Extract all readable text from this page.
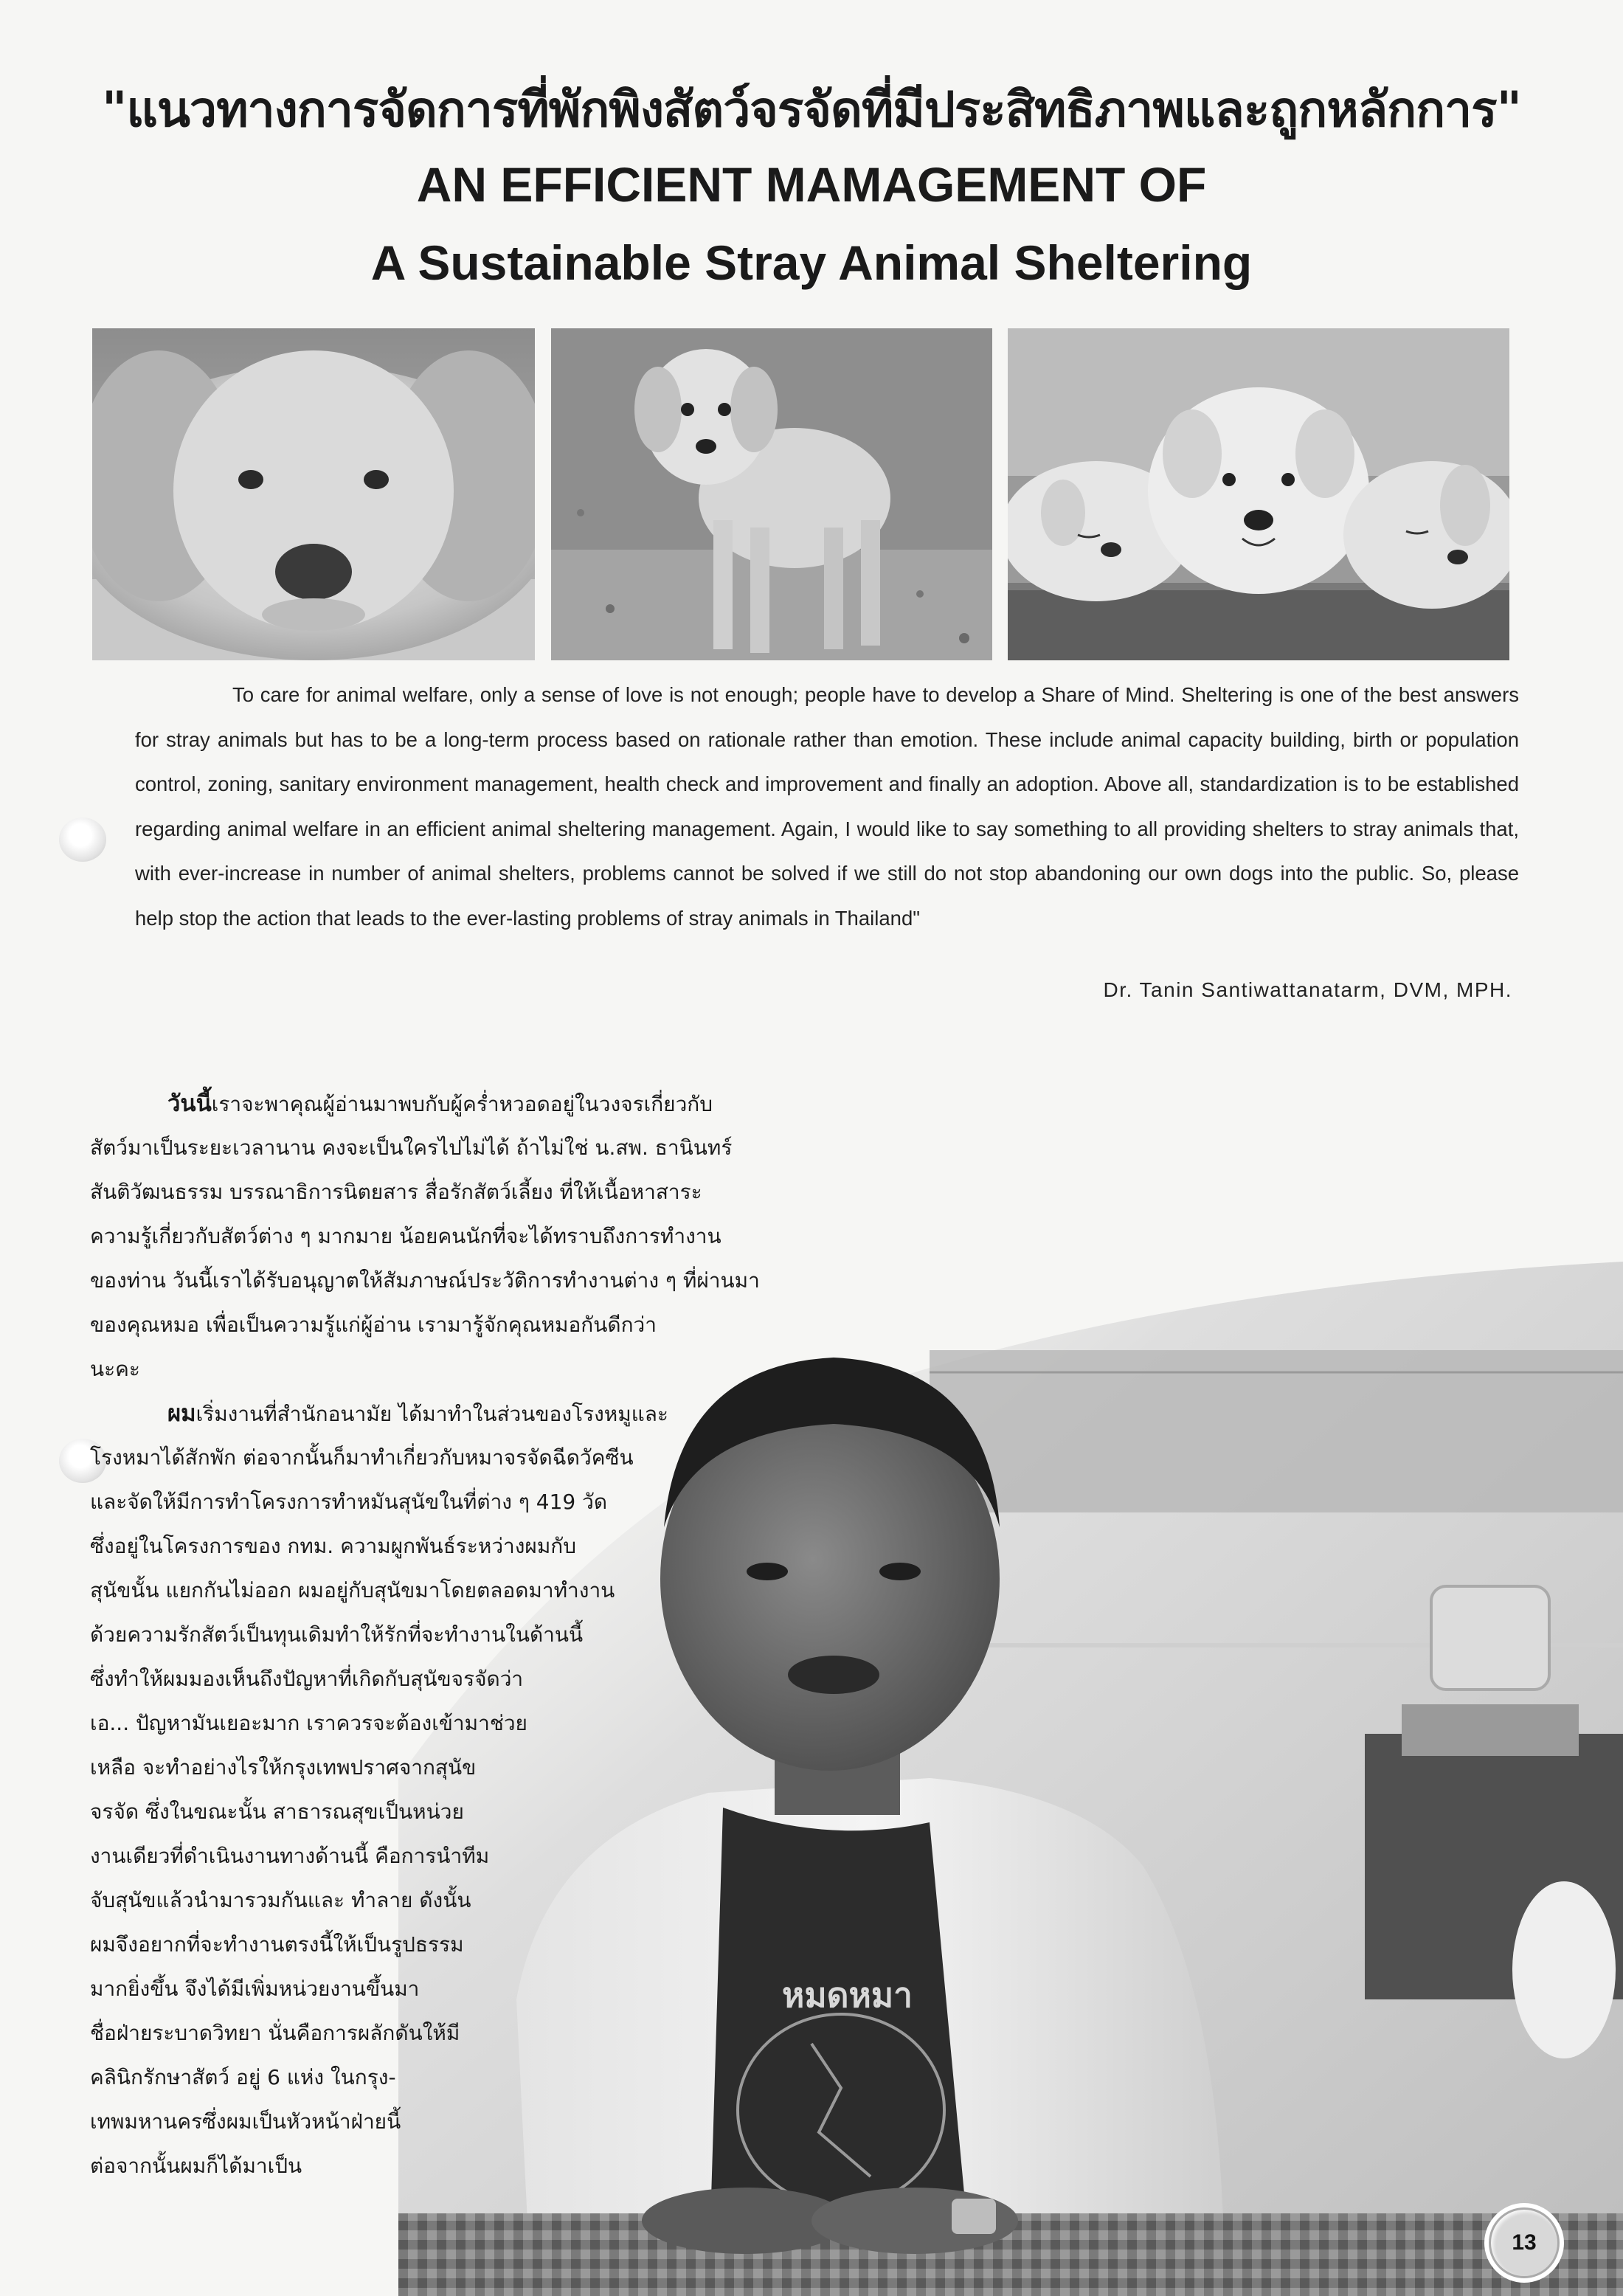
"แนวทางการจัดการที่พักพิงสัตว์จรจัดที่มีประสิทธิภาพและถูกหลักการ"
AN EFFICIENT MAMAGEMENT OF
A Sustainable Stray Animal Sheltering
To care for animal welfare, only a sense of love is not enough; people have to develop a Share of Mind. Sheltering is one of the best answers for stray animals but has to be a long-term process based on rationale rather than emotion. These include animal capacity building, birth or population control, zoning, sanitary environment management, health check and improvement and finally an adoption. Above all, standardization is to be established regarding animal welfare in an efficient animal sheltering management. Again, I would like to say something to all providing shelters to stray animals that, with ever-increase in number of animal shelters, problems cannot be solved if we still do not stop abandoning our own dogs into the public. So, please help stop the action that leads to the ever-lasting problems of stray animals in Thailand"
Dr. Tanin Santiwattanatarm, DVM, MPH.
หมดหมา
วันนี้เราจะพาคุณผู้อ่านมาพบกับผู้คร่ำหวอดอยู่ในวงจรเกี่ยวกับ
สัตว์มาเป็นระยะเวลานาน คงจะเป็นใครไปไม่ได้ ถ้าไม่ใช่ น.สพ. ธานินทร์
สันติวัฒนธรรม บรรณาธิการนิตยสาร สื่อรักสัตว์เลี้ยง ที่ให้เนื้อหาสาระ
ความรู้เกี่ยวกับสัตว์ต่าง ๆ มากมาย น้อยคนนักที่จะได้ทราบถึงการทำงาน
ของท่าน วันนี้เราได้รับอนุญาตให้สัมภาษณ์ประวัติการทำงานต่าง ๆ ที่ผ่านมา
ของคุณหมอ เพื่อเป็นความรู้แก่ผู้อ่าน เรามารู้จักคุณหมอกันดีกว่า
นะคะ
ผมเริ่มงานที่สำนักอนามัย ได้มาทำในส่วนของโรงหมูและ
โรงหมาได้สักพัก ต่อจากนั้นก็มาทำเกี่ยวกับหมาจรจัดฉีดวัคซีน
และจัดให้มีการทำโครงการทำหมันสุนัขในที่ต่าง ๆ 419 วัด
ซึ่งอยู่ในโครงการของ กทม. ความผูกพันธ์ระหว่างผมกับ
สุนัขนั้น แยกกันไม่ออก ผมอยู่กับสุนัขมาโดยตลอดมาทำงาน
ด้วยความรักสัตว์เป็นทุนเดิมทำให้รักที่จะทำงานในด้านนี้
ซึ่งทำให้ผมมองเห็นถึงปัญหาที่เกิดกับสุนัขจรจัดว่า
เอ... ปัญหามันเยอะมาก เราควรจะต้องเข้ามาช่วย
เหลือ จะทำอย่างไรให้กรุงเทพปราศจากสุนัข
จรจัด ซึ่งในขณะนั้น สาธารณสุขเป็นหน่วย
งานเดียวที่ดำเนินงานทางด้านนี้ คือการนำทีม
จับสุนัขแล้วนำมารวมกันและ ทำลาย ดังนั้น
ผมจึงอยากที่จะทำงานตรงนี้ให้เป็นรูปธรรม
มากยิ่งขึ้น จึงได้มีเพิ่มหน่วยงานขึ้นมา
ชื่อฝ่ายระบาดวิทยา นั่นคือการผลักดันให้มี
คลินิกรักษาสัตว์ อยู่ 6 แห่ง ในกรุง-
เทพมหานครซึ่งผมเป็นหัวหน้าฝ่ายนี้
ต่อจากนั้นผมก็ได้มาเป็น
13
